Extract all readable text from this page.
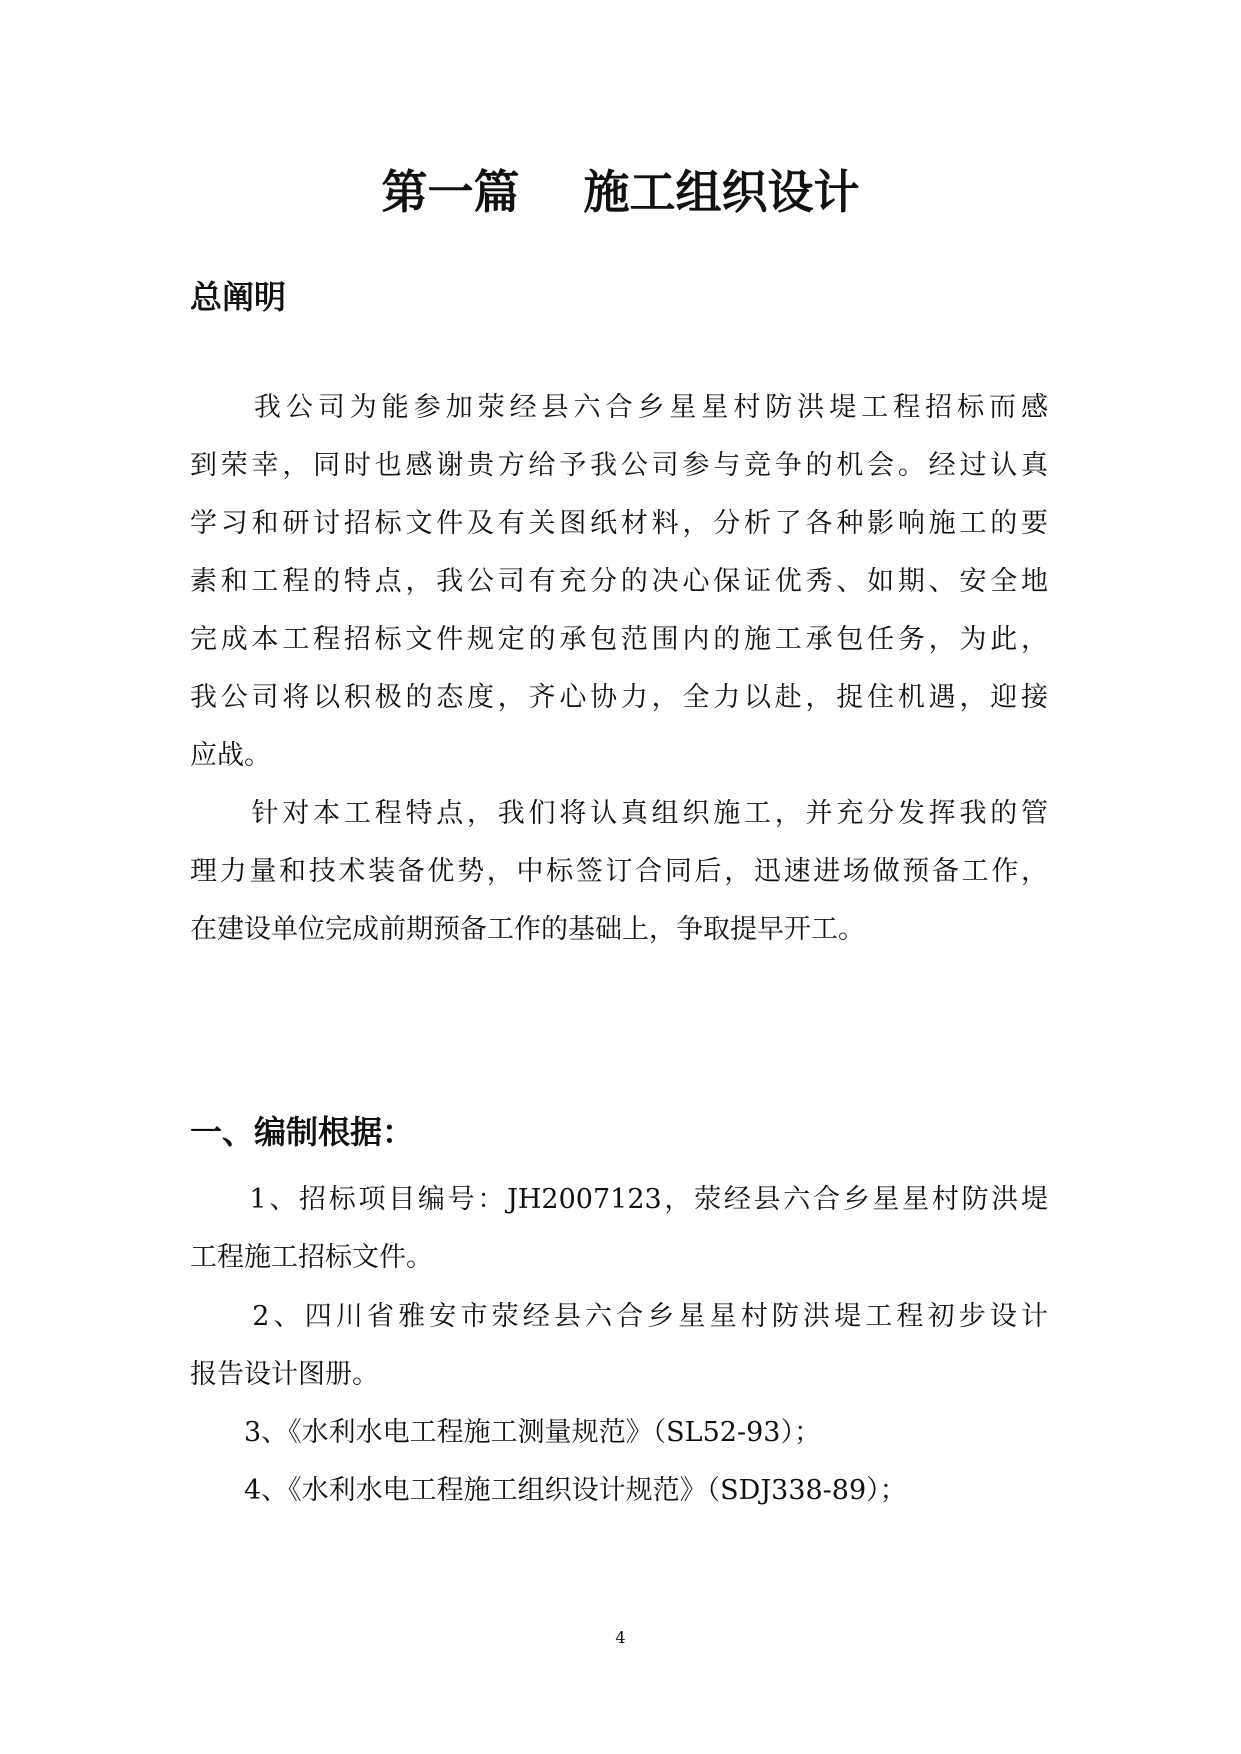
第一篇    施工组织设计
总阐明

　　我公司为能参加荥经县六合乡星星村防洪堤工程招标而感

到荣幸，同时也感谢贵方给予我公司参与竞争的机会。经过认真

学习和研讨招标文件及有关图纸材料，分析了各种影响施工的要

素和工程的特点，我公司有充分的决心保证优秀、如期、安全地

完成本工程招标文件规定的承包范围内的施工承包任务，为此，

我公司将以积极的态度，齐心协力，全力以赴，捉住机遇，迎接

应战。

　　针对本工程特点，我们将认真组织施工，并充分发挥我的管

理力量和技术装备优势，中标签订合同后，迅速进场做预备工作，

在建设单位完成前期预备工作的基础上，争取提早开工。

一、编制根据：

　　1、招标项目编号：JH2007123，荥经县六合乡星星村防洪堤

工程施工招标文件。

　　2、四川省雅安市荥经县六合乡星星村防洪堤工程初步设计

报告设计图册。

　　3、《水利水电工程施工测量规范》（SL52-93）；

　　4、《水利水电工程施工组织设计规范》（SDJ338-89）；

4
